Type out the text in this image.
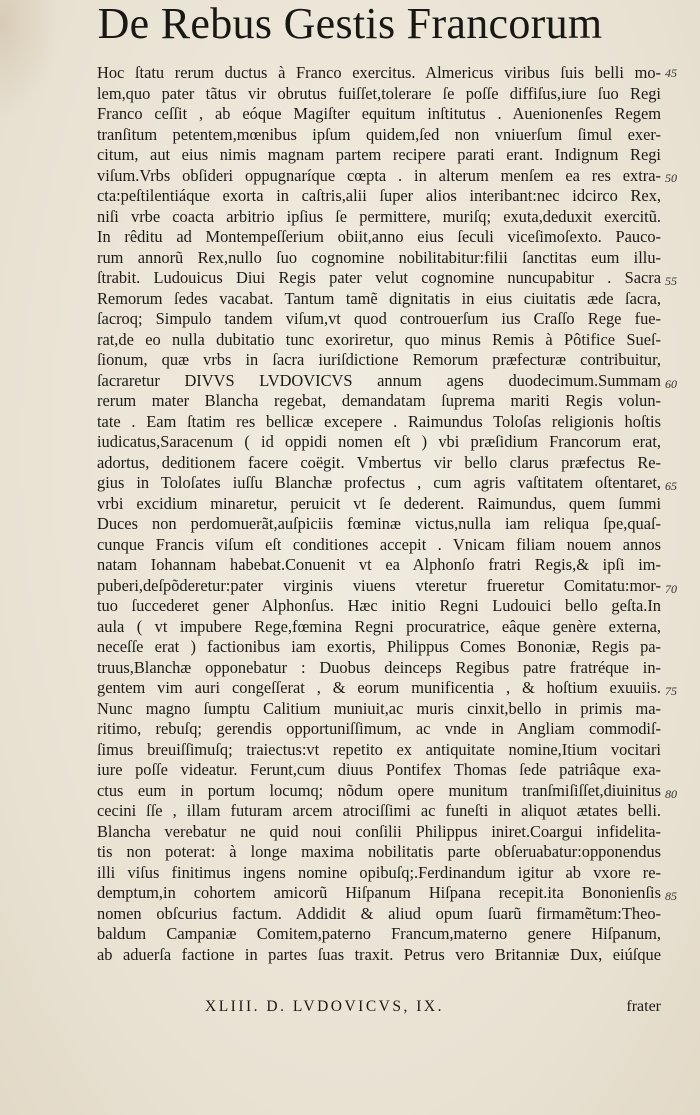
De Rebus Gestis Francorum
Hoc ſtatu rerum ductus à Franco exercitus. Almericus viribus ſuis belli mo-
lem,quo pater tãtus vir obrutus fuiſſet,tolerare ſe poſſe diffiſus,iure ſuo Regi
Franco ceſſit , ab eóque Magiſter equitum inſtitutus . Auenionenſes Regem
tranſitum petentem,mœnibus ipſum quidem,ſed non vniuerſum ſimul exer-
citum, aut eius nimis magnam partem recipere parati erant. Indignum Regi
viſum.Vrbs obſideri oppugnaríque cœpta . in alterum menſem ea res extra-
cta:peſtilentiáque exorta in caſtris,alii ſuper alios interibant:nec idcirco Rex,
niſi vrbe coacta arbitrio ipſius ſe permittere, muriſq; exuta,deduxit exercitũ.
In rêditu ad Montempeſſerium obiit,anno eius ſeculi viceſimoſexto. Pauco-
rum annorũ Rex,nullo ſuo cognomine nobilitabitur:filii ſanctitas eum illu-
ſtrabit. Ludouicus Diui Regis pater velut cognomine nuncupabitur . Sacra
Remorum ſedes vacabat. Tantum tamẽ dignitatis in eius ciuitatis æde ſacra,
ſacroq; Simpulo tandem viſum,vt quod controuerſum ius Craſſo Rege fue-
rat,de eo nulla dubitatio tunc exoriretur, quo minus Remis à Pôtifice Sueſ-
ſionum, quæ vrbs in ſacra iuriſdictione Remorum præfecturæ contribuitur,
ſacraretur DIVVS LVDOVICVS annum agens duodecimum.Summam
rerum mater Blancha regebat, demandatam ſuprema mariti Regis volun-
tate . Eam ſtatim res bellicæ excepere . Raimundus Toloſas religionis hoſtis
iudicatus,Saracenum ( id oppidi nomen eſt ) vbi præſidium Francorum erat,
adortus, deditionem facere coëgit. Vmbertus vir bello clarus præfectus Re-
gius in Toloſates iuſſu Blanchæ profectus , cum agris vaſtitatem oſtentaret,
vrbi excidium minaretur, peruicit vt ſe dederent. Raimundus, quem ſummi
Duces non perdomuerãt,auſpiciis fœminæ victus,nulla iam reliqua ſpe,quaſ-
cunque Francis viſum eſt conditiones accepit . Vnicam filiam nouem annos
natam Iohannam habebat.Conuenit vt ea Alphonſo fratri Regis,& ipſi im-
puberi,deſpõderetur:pater virginis viuens vteretur frueretur Comitatu:mor-
tuo ſuccederet gener Alphonſus. Hæc initio Regni Ludouici bello geſta.In
aula ( vt impubere Rege,fœmina Regni procuratrice, eâque genère externa,
neceſſe erat ) factionibus iam exortis, Philippus Comes Bononiæ, Regis pa-
truus,Blanchæ opponebatur : Duobus deinceps Regibus patre fratréque in-
gentem vim auri congeſſerat , & eorum munificentia , & hoſtium exuuiis.
Nunc magno ſumptu Calitium muniuit,ac muris cinxit,bello in primis ma-
ritimo, rebuſq; gerendis opportuniſſimum, ac vnde in Angliam commodiſ-
ſimus breuiſſimuſq; traiectus:vt repetito ex antiquitate nomine,Itium vocitari
iure poſſe videatur. Ferunt,cum diuus Pontifex Thomas ſede patriâque exa-
ctus eum in portum locumq; nõdum opere munitum tranſmiſiſſet,diuinitus
cecini ſſe , illam futuram arcem atrociſſimi ac funeſti in aliquot ætates belli.
Blancha verebatur ne quid noui conſilii Philippus iniret.Coargui infidelita-
tis non poterat: à longe maxima nobilitatis parte obſeruabatur:opponendus
illi viſus finitimus ingens nomine opibuſq;.Ferdinandum igitur ab vxore re-
demptum,in cohortem amicorũ Hiſpanum Hiſpana recepit.ita Bononienſis
nomen obſcurius factum. Addidit & aliud opum ſuarũ firmamẽtum:Theo-
baldum Campaniæ Comitem,paterno Francum,materno genere Hiſpanum,
ab aduerſa factione in partes ſuas traxit. Petrus vero Britanniæ Dux, eiúſque
45
50
55
60
65
70
75
80
85
XLIII. D. LVDOVICVS, IX.	frater
